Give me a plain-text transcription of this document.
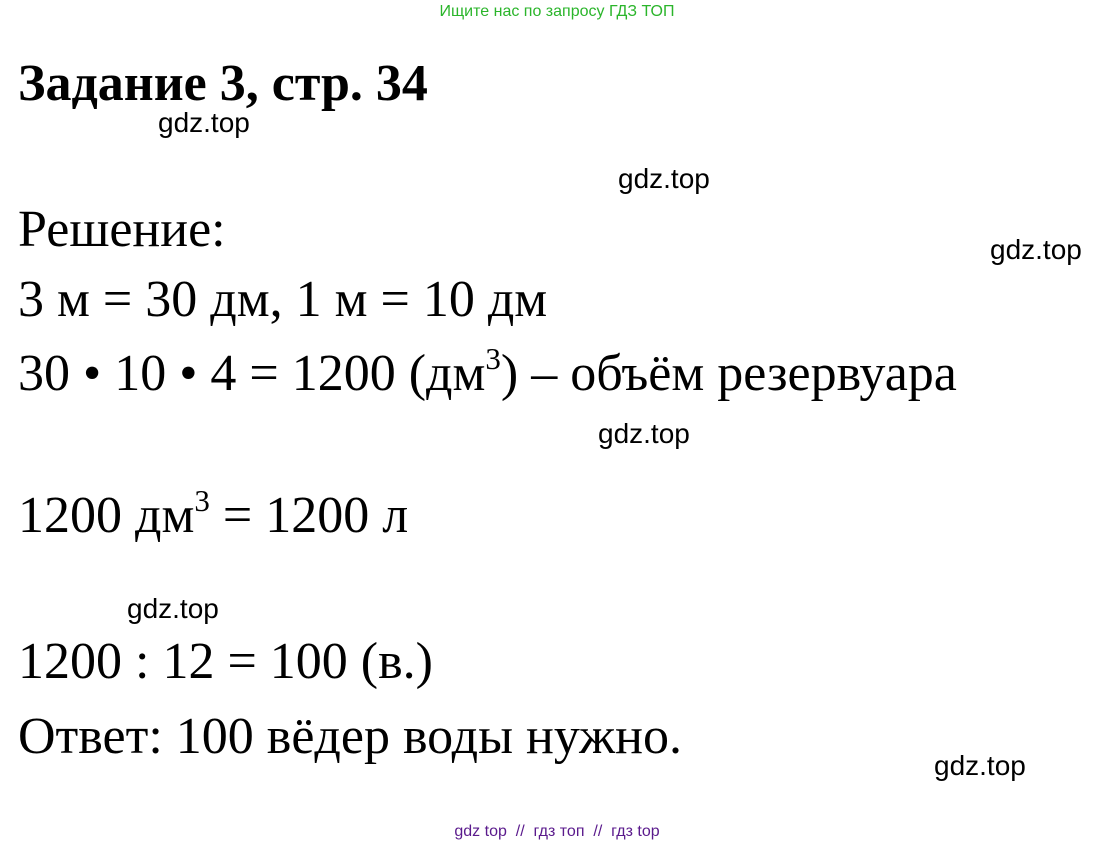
Ищите нас по запросу ГДЗ ТОП
Задание 3, стр. 34
gdz.top
gdz.top
Решение:	gdz.top
3 м = 30 дм, 1 м = 10 дм
30 • 10 • 4 = 1200 $(дм^3)$ – объём резервуара
gdz.top
1200 $дм^3 = 1200$ л
gdz.top
1200 : 12 = 100 (в.)
Ответ: 100 вёдер воды нужно.
gdz.top
gdz top  //  гдз топ  //  гдз top
